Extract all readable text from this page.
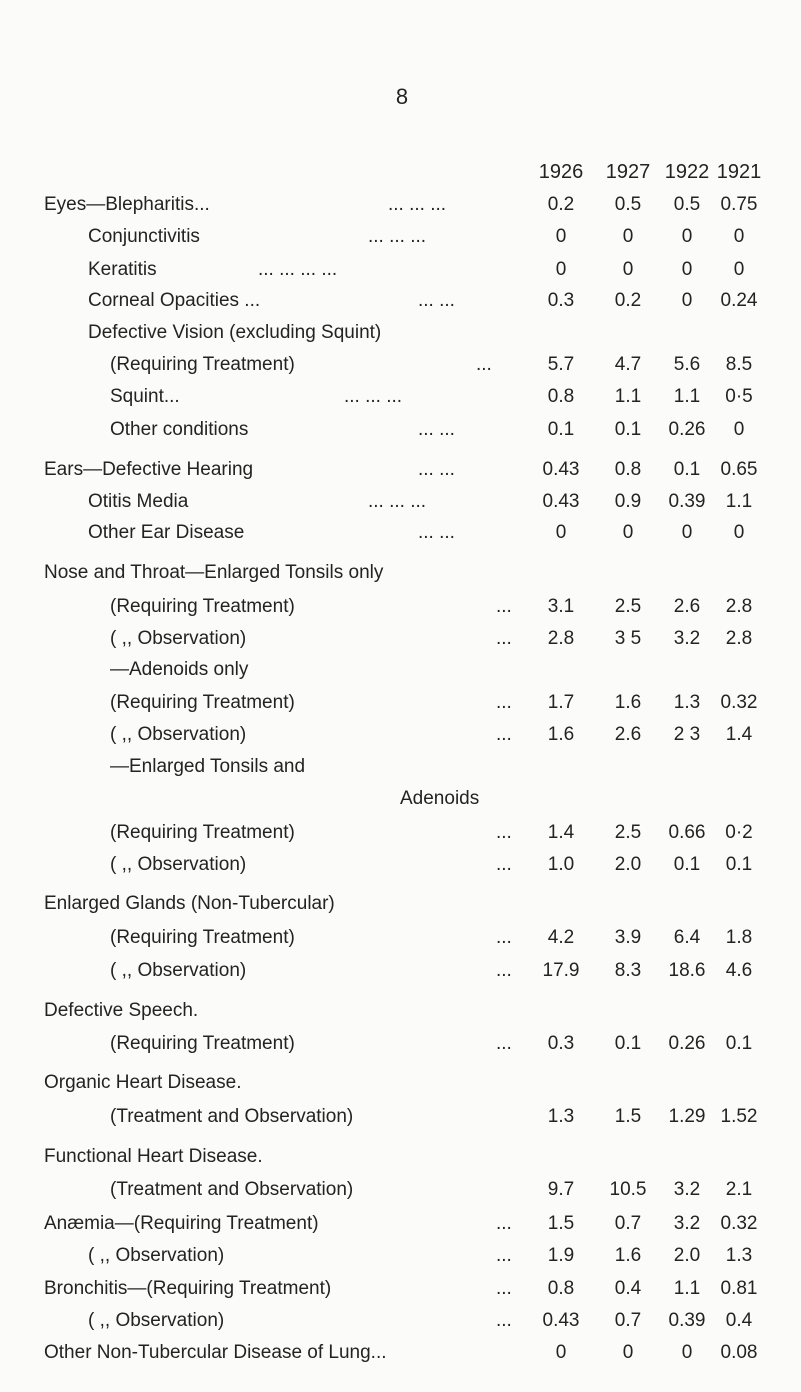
8
1926	1927 1922 1921
Eyes—Blepharitis...	... ... ...	0.2	0.5	0.5	0.75
Conjunctivitis	... ... ...	0	0	0	0
Keratitis	... ... ... ...	0	0	0	0
Corneal Opacities ...	... ...	0.3	0.2	0	0.24
Defective Vision (excluding Squint)
(Requiring Treatment)	...	5.7	4.7	5.6	8.5
Squint...	... ... ...	0.8	1.1	1.1	0·5
Other conditions	... ...	0.1	0.1	0.26	0
Ears—Defective Hearing	... ...	0.43	0.8	0.1	0.65
Otitis Media	... ... ...	0.43	0.9	0.39	1.1
Other Ear Disease	... ...	0	0	0	0
Nose and Throat—Enlarged Tonsils only
(Requiring Treatment)	...	3.1	2.5	2.6	2.8
( ,, Observation)	...	2.8	3 5	3.2	2.8
—Adenoids only
(Requiring Treatment)	...	1.7	1.6	1.3	0.32
( ,, Observation)	...	1.6	2.6	2 3	1.4
—Enlarged Tonsils and
Adenoids
(Requiring Treatment)	...	1.4	2.5	0.66	0·2
( ,, Observation)	...	1.0	2.0	0.1	0.1
Enlarged Glands (Non-Tubercular)
(Requiring Treatment)	...	4.2	3.9	6.4	1.8
( ,, Observation)	...	17.9	8.3	18.6	4.6
Defective Speech.
(Requiring Treatment)	...	0.3	0.1	0.26	0.1
Organic Heart Disease.
(Treatment and Observation)	1.3	1.5	1.29 1.52
Functional Heart Disease.
(Treatment and Observation)	9.7	10.5	3.2	2.1
Anæmia—(Requiring Treatment)	...	1.5	0.7	3.2	0.32
( ,, Observation)	...	1.9	1.6	2.0	1.3
Bronchitis—(Requiring Treatment)	...	0.8	0.4	1.1	0.81
( ,, Observation)	...	0.43	0.7	0.39	0.4
Other Non-Tubercular Disease of Lung...	0	0	0	0.08
